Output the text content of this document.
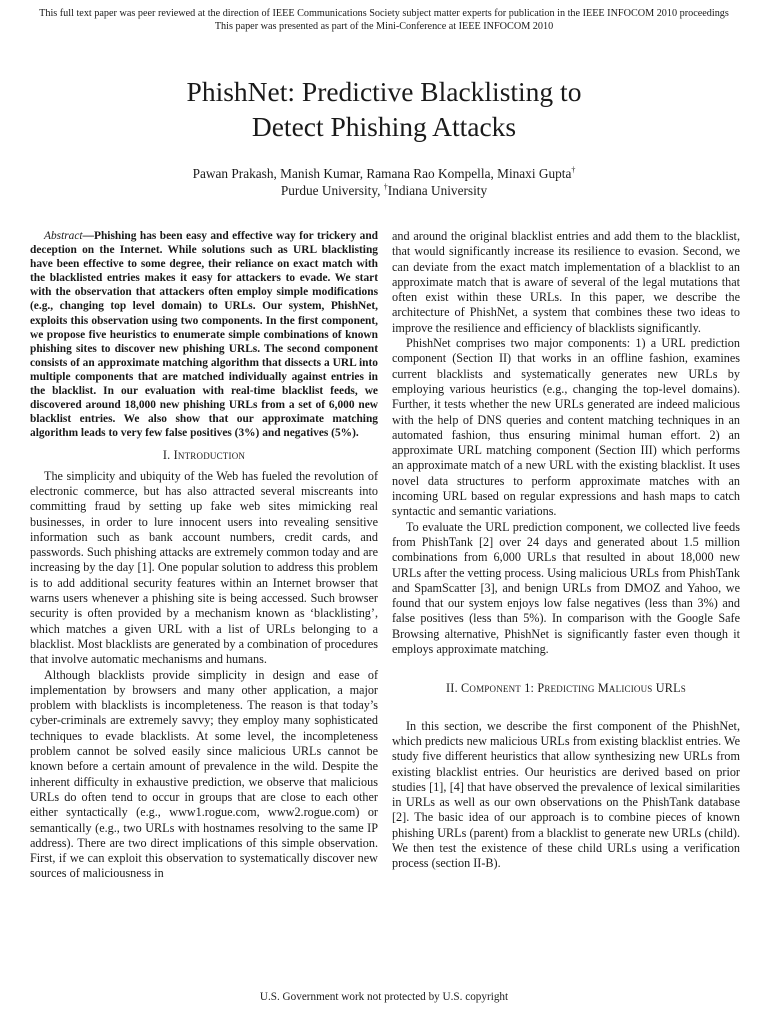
This full text paper was peer reviewed at the direction of IEEE Communications Society subject matter experts for publication in the IEEE INFOCOM 2010 proceedings
This paper was presented as part of the Mini-Conference at IEEE INFOCOM 2010
PhishNet: Predictive Blacklisting to
Detect Phishing Attacks
Pawan Prakash, Manish Kumar, Ramana Rao Kompella, Minaxi Gupta†
Purdue University, †Indiana University

Abstract—Phishing has been easy and effective way for trickery and deception on the Internet. While solutions such as URL blacklisting have been effective to some degree, their reliance on exact match with the blacklisted entries makes it easy for attackers to evade. We start with the observation that attackers often employ simple modifications (e.g., changing top level domain) to URLs. Our system, PhishNet, exploits this observation using two components. In the first component, we propose five heuristics to enumerate simple combinations of known phishing sites to discover new phishing URLs. The second component consists of an approximate matching algorithm that dissects a URL into multiple components that are matched individually against entries in the blacklist. In our evaluation with real-time blacklist feeds, we discovered around 18,000 new phishing URLs from a set of 6,000 new blacklist entries. We also show that our approximate matching algorithm leads to very few false positives (3%) and negatives (5%).

I. Introduction

The simplicity and ubiquity of the Web has fueled the revolution of electronic commerce, but has also attracted several miscreants into committing fraud by setting up fake web sites mimicking real businesses, in order to lure innocent users into revealing sensitive information such as bank account numbers, credit cards, and passwords. Such phishing attacks are extremely common today and are increasing by the day [1]. One popular solution to address this problem is to add additional security features within an Internet browser that warns users whenever a phishing site is being accessed. Such browser security is often provided by a mechanism known as ‘blacklisting’, which matches a given URL with a list of URLs belonging to a blacklist. Most blacklists are generated by a combination of procedures that involve automatic mechanisms and humans.

Although blacklists provide simplicity in design and ease of implementation by browsers and many other application, a major problem with blacklists is incompleteness. The reason is that today’s cyber-criminals are extremely savvy; they employ many sophisticated techniques to evade blacklists. At some level, the incompleteness problem cannot be solved easily since malicious URLs cannot be known before a certain amount of prevalence in the wild. Despite the inherent difficulty in exhaustive prediction, we observe that malicious URLs do often tend to occur in groups that are close to each other either syntactically (e.g., www1.rogue.com, www2.rogue.com) or semantically (e.g., two URLs with hostnames resolving to the same IP address). There are two direct implications of this simple observation. First, if we can exploit this observation to systematically discover new sources of maliciousness in

and around the original blacklist entries and add them to the blacklist, that would significantly increase its resilience to evasion. Second, we can deviate from the exact match implementation of a blacklist to an approximate match that is aware of several of the legal mutations that often exist within these URLs. In this paper, we describe the architecture of PhishNet, a system that combines these two ideas to improve the resilience and efficiency of blacklists significantly.

PhishNet comprises two major components: 1) a URL prediction component (Section II) that works in an offline fashion, examines current blacklists and systematically generates new URLs by employing various heuristics (e.g., changing the top-level domains). Further, it tests whether the new URLs generated are indeed malicious with the help of DNS queries and content matching techniques in an automated fashion, thus ensuring minimal human effort. 2) an approximate URL matching component (Section III) which performs an approximate match of a new URL with the existing blacklist. It uses novel data structures to perform approximate matches with an incoming URL based on regular expressions and hash maps to catch syntactic and semantic variations.

To evaluate the URL prediction component, we collected live feeds from PhishTank [2] over 24 days and generated about 1.5 million combinations from 6,000 URLs that resulted in about 18,000 new URLs after the vetting process. Using malicious URLs from PhishTank and SpamScatter [3], and benign URLs from DMOZ and Yahoo, we found that our system enjoys low false negatives (less than 3%) and false positives (less than 5%). In comparison with the Google Safe Browsing alternative, PhishNet is significantly faster even though it employs approximate matching.

II. Component 1: Predicting Malicious URLs

In this section, we describe the first component of the PhishNet, which predicts new malicious URLs from existing blacklist entries. We study five different heuristics that allow synthesizing new URLs from existing blacklist entries. Our heuristics are derived based on prior studies [1], [4] that have observed the prevalence of lexical similarities in URLs as well as our own observations on the PhishTank database [2]. The basic idea of our approach is to combine pieces of known phishing URLs (parent) from a blacklist to generate new URLs (child). We then test the existence of these child URLs using a verification process (section II-B).

U.S. Government work not protected by U.S. copyright
